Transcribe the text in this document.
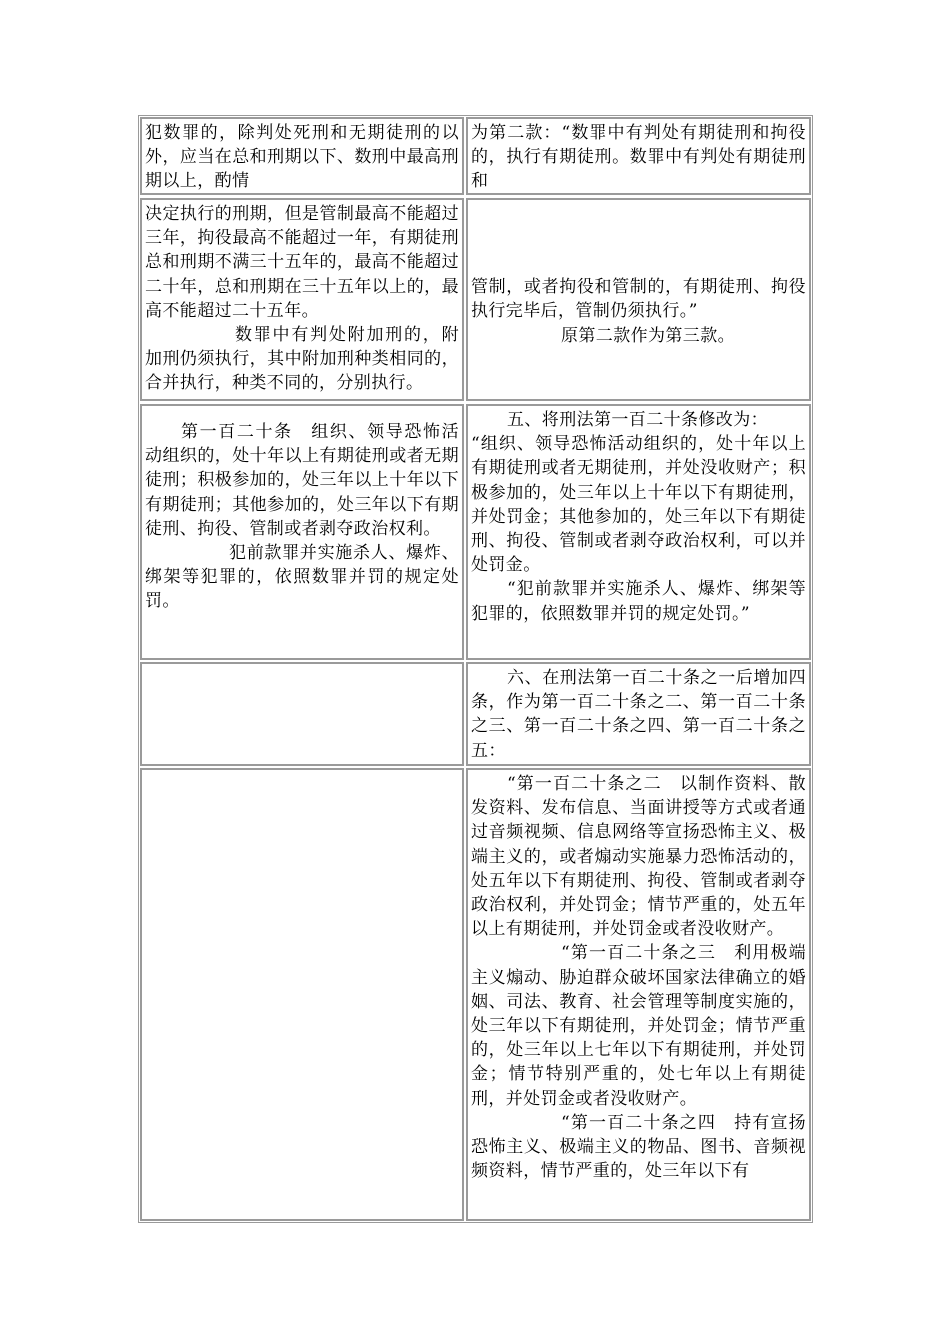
犯数罪的，除判处死刑和无期徒刑的以外，应当在总和刑期以下、数刑中最高刑期以上，酌情
为第二款：“数罪中有判处有期徒刑和拘役的，执行有期徒刑。数罪中有判处有期徒刑和
决定执行的刑期，但是管制最高不能超过三年，拘役最高不能超过一年，有期徒刑总和刑期不满三十五年的，最高不能超过二十年，总和刑期在三十五年以上的，最高不能超过二十五年。
数罪中有判处附加刑的，附加刑仍须执行，其中附加刑种类相同的，合并执行，种类不同的，分别执行。
管制，或者拘役和管制的，有期徒刑、拘役执行完毕后，管制仍须执行。”
原第二款作为第三款。
第一百二十条　组织、领导恐怖活动组织的，处十年以上有期徒刑或者无期徒刑；积极参加的，处三年以上十年以下有期徒刑；其他参加的，处三年以下有期徒刑、拘役、管制或者剥夺政治权利。
犯前款罪并实施杀人、爆炸、绑架等犯罪的，依照数罪并罚的规定处罚。
五、将刑法第一百二十条修改为：
“组织、领导恐怖活动组织的，处十年以上有期徒刑或者无期徒刑，并处没收财产；积极参加的，处三年以上十年以下有期徒刑，并处罚金；其他参加的，处三年以下有期徒刑、拘役、管制或者剥夺政治权利，可以并处罚金。
“犯前款罪并实施杀人、爆炸、绑架等犯罪的，依照数罪并罚的规定处罚。”
六、在刑法第一百二十条之一后增加四条，作为第一百二十条之二、第一百二十条之三、第一百二十条之四、第一百二十条之五：
“第一百二十条之二　以制作资料、散发资料、发布信息、当面讲授等方式或者通过音频视频、信息网络等宣扬恐怖主义、极端主义的，或者煽动实施暴力恐怖活动的，处五年以下有期徒刑、拘役、管制或者剥夺政治权利，并处罚金；情节严重的，处五年以上有期徒刑，并处罚金或者没收财产。
“第一百二十条之三　利用极端主义煽动、胁迫群众破坏国家法律确立的婚姻、司法、教育、社会管理等制度实施的，处三年以下有期徒刑，并处罚金；情节严重的，处三年以上七年以下有期徒刑，并处罚金；情节特别严重的，处七年以上有期徒刑，并处罚金或者没收财产。
“第一百二十条之四　持有宣扬恐怖主义、极端主义的物品、图书、音频视频资料，情节严重的，处三年以下有
